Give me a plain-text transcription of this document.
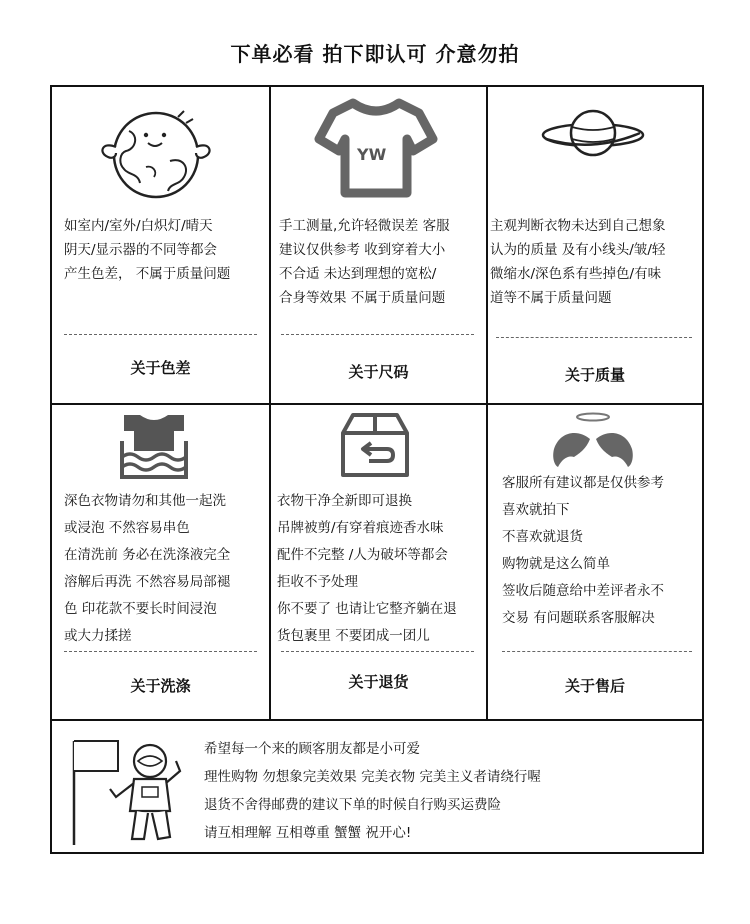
下单必看 拍下即认可 介意勿拍
如室内/室外/白炽灯/晴天
阴天/显示器的不同等都会
产生色差， 不属于质量问题
关于色差
YW
手工测量,允许轻微误差 客服
建议仅供参考 收到穿着大小
不合适 未达到理想的宽松/
合身等效果 不属于质量问题
关于尺码
主观判断衣物未达到自己想象
认为的质量 及有小线头/皱/轻
微缩水/深色系有些掉色/有味
道等不属于质量问题
关于质量
深色衣物请勿和其他一起洗
或浸泡 不然容易串色
在清洗前 务必在洗涤液完全
溶解后再洗 不然容易局部褪
色 印花款不要长时间浸泡
或大力揉搓
关于洗涤
衣物干净全新即可退换
吊牌被剪/有穿着痕迹香水味
配件不完整 /人为破坏等都会
拒收不予处理
你不要了 也请让它整齐躺在退
货包裹里 不要团成一团儿
关于退货
客服所有建议都是仅供参考
喜欢就拍下
不喜欢就退货
购物就是这么简单
签收后随意给中差评者永不
交易 有问题联系客服解决
关于售后
希望每一个来的顾客朋友都是小可爱
理性购物 勿想象完美效果 完美衣物 完美主义者请绕行喔
退货不舍得邮费的建议下单的时候自行购买运费险
请互相理解 互相尊重 蟹蟹 祝开心!
